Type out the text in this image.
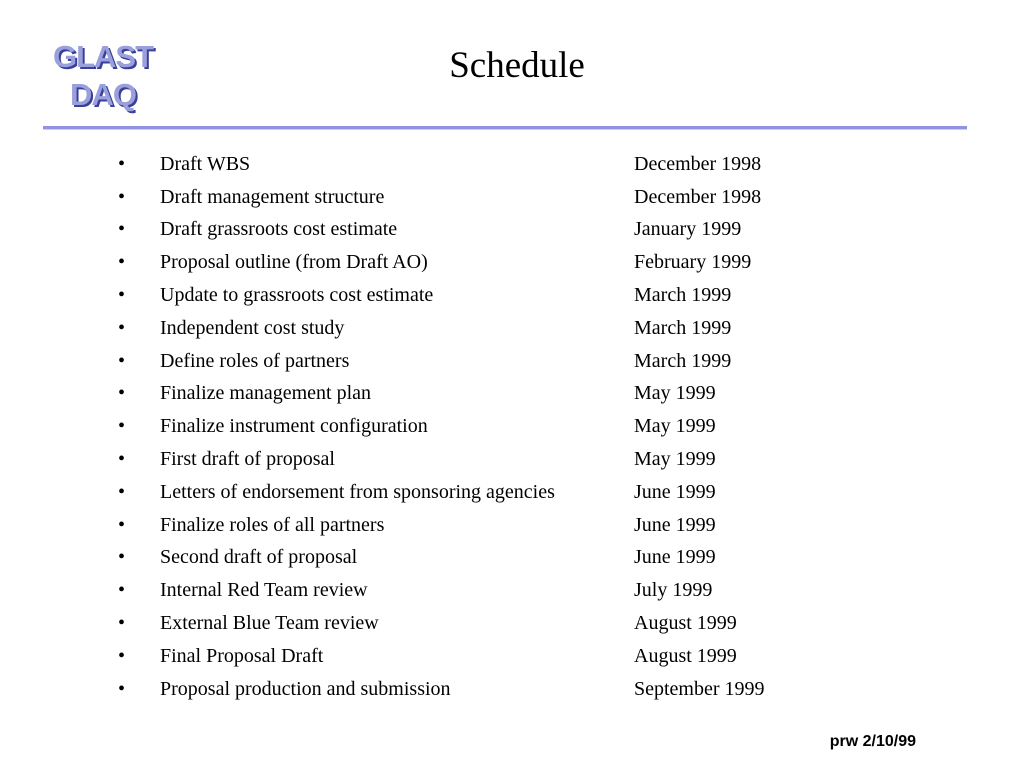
GLAST
DAQ
Schedule
•	Draft WBS	December 1998
•	Draft management structure	December 1998
•	Draft grassroots cost estimate	January 1999
•	Proposal outline (from Draft AO)	February 1999
•	Update to grassroots cost estimate	March 1999
•	Independent cost study	March 1999
•	Define roles of partners	March 1999
•	Finalize management plan	May 1999
•	Finalize instrument configuration	May 1999
•	First draft of proposal	May 1999
•	Letters of endorsement from sponsoring agencies	June 1999
•	Finalize roles of all partners	June 1999
•	Second draft of proposal	June 1999
•	Internal Red Team review	July 1999
•	External Blue Team review	August 1999
•	Final Proposal Draft	August 1999
•	Proposal production and submission	September 1999
prw 2/10/99
